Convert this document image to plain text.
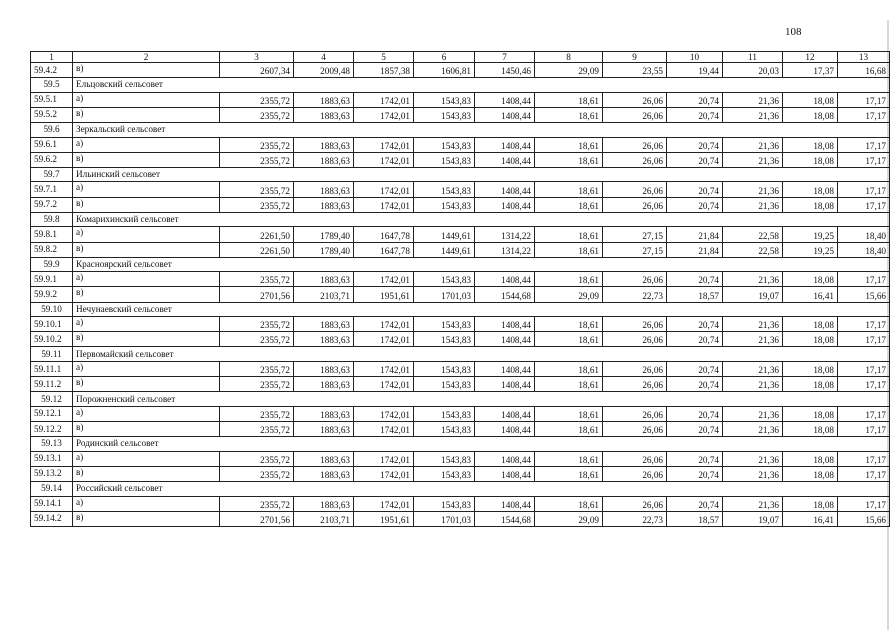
108
1	2	3	4	5	6	7	8	9	10	11	12	13
59.4.2	в)	2607,34	2009,48	1857,38	1606,81	1450,46	29,09	23,55	19,44	20,03	17,37	16,68
59.5	Ельцовский сельсовет											
59.5.1	а)	2355,72	1883,63	1742,01	1543,83	1408,44	18,61	26,06	20,74	21,36	18,08	17,17
59.5.2	в)	2355,72	1883,63	1742,01	1543,83	1408,44	18,61	26,06	20,74	21,36	18,08	17,17
59.6	Зеркальский сельсовет											
59.6.1	а)	2355,72	1883,63	1742,01	1543,83	1408,44	18,61	26,06	20,74	21,36	18,08	17,17
59.6.2	в)	2355,72	1883,63	1742,01	1543,83	1408,44	18,61	26,06	20,74	21,36	18,08	17,17
59.7	Ильинский сельсовет											
59.7.1	а)	2355,72	1883,63	1742,01	1543,83	1408,44	18,61	26,06	20,74	21,36	18,08	17,17
59.7.2	в)	2355,72	1883,63	1742,01	1543,83	1408,44	18,61	26,06	20,74	21,36	18,08	17,17
59.8	Комарихинский сельсовет											
59.8.1	а)	2261,50	1789,40	1647,78	1449,61	1314,22	18,61	27,15	21,84	22,58	19,25	18,40
59.8.2	в)	2261,50	1789,40	1647,78	1449,61	1314,22	18,61	27,15	21,84	22,58	19,25	18,40
59.9	Красноярский сельсовет											
59.9.1	а)	2355,72	1883,63	1742,01	1543,83	1408,44	18,61	26,06	20,74	21,36	18,08	17,17
59.9.2	в)	2701,56	2103,71	1951,61	1701,03	1544,68	29,09	22,73	18,57	19,07	16,41	15,66
59.10	Нечунаевский сельсовет											
59.10.1	а)	2355,72	1883,63	1742,01	1543,83	1408,44	18,61	26,06	20,74	21,36	18,08	17,17
59.10.2	в)	2355,72	1883,63	1742,01	1543,83	1408,44	18,61	26,06	20,74	21,36	18,08	17,17
59.11	Первомайский сельсовет											
59.11.1	а)	2355,72	1883,63	1742,01	1543,83	1408,44	18,61	26,06	20,74	21,36	18,08	17,17
59.11.2	в)	2355,72	1883,63	1742,01	1543,83	1408,44	18,61	26,06	20,74	21,36	18,08	17,17
59.12	Порожненский сельсовет											
59.12.1	а)	2355,72	1883,63	1742,01	1543,83	1408,44	18,61	26,06	20,74	21,36	18,08	17,17
59.12.2	в)	2355,72	1883,63	1742,01	1543,83	1408,44	18,61	26,06	20,74	21,36	18,08	17,17
59.13	Родинский сельсовет											
59.13.1	а)	2355,72	1883,63	1742,01	1543,83	1408,44	18,61	26,06	20,74	21,36	18,08	17,17
59.13.2	в)	2355,72	1883,63	1742,01	1543,83	1408,44	18,61	26,06	20,74	21,36	18,08	17,17
59.14	Российский сельсовет											
59.14.1	а)	2355,72	1883,63	1742,01	1543,83	1408,44	18,61	26,06	20,74	21,36	18,08	17,17
59.14.2	в)	2701,56	2103,71	1951,61	1701,03	1544,68	29,09	22,73	18,57	19,07	16,41	15,66
